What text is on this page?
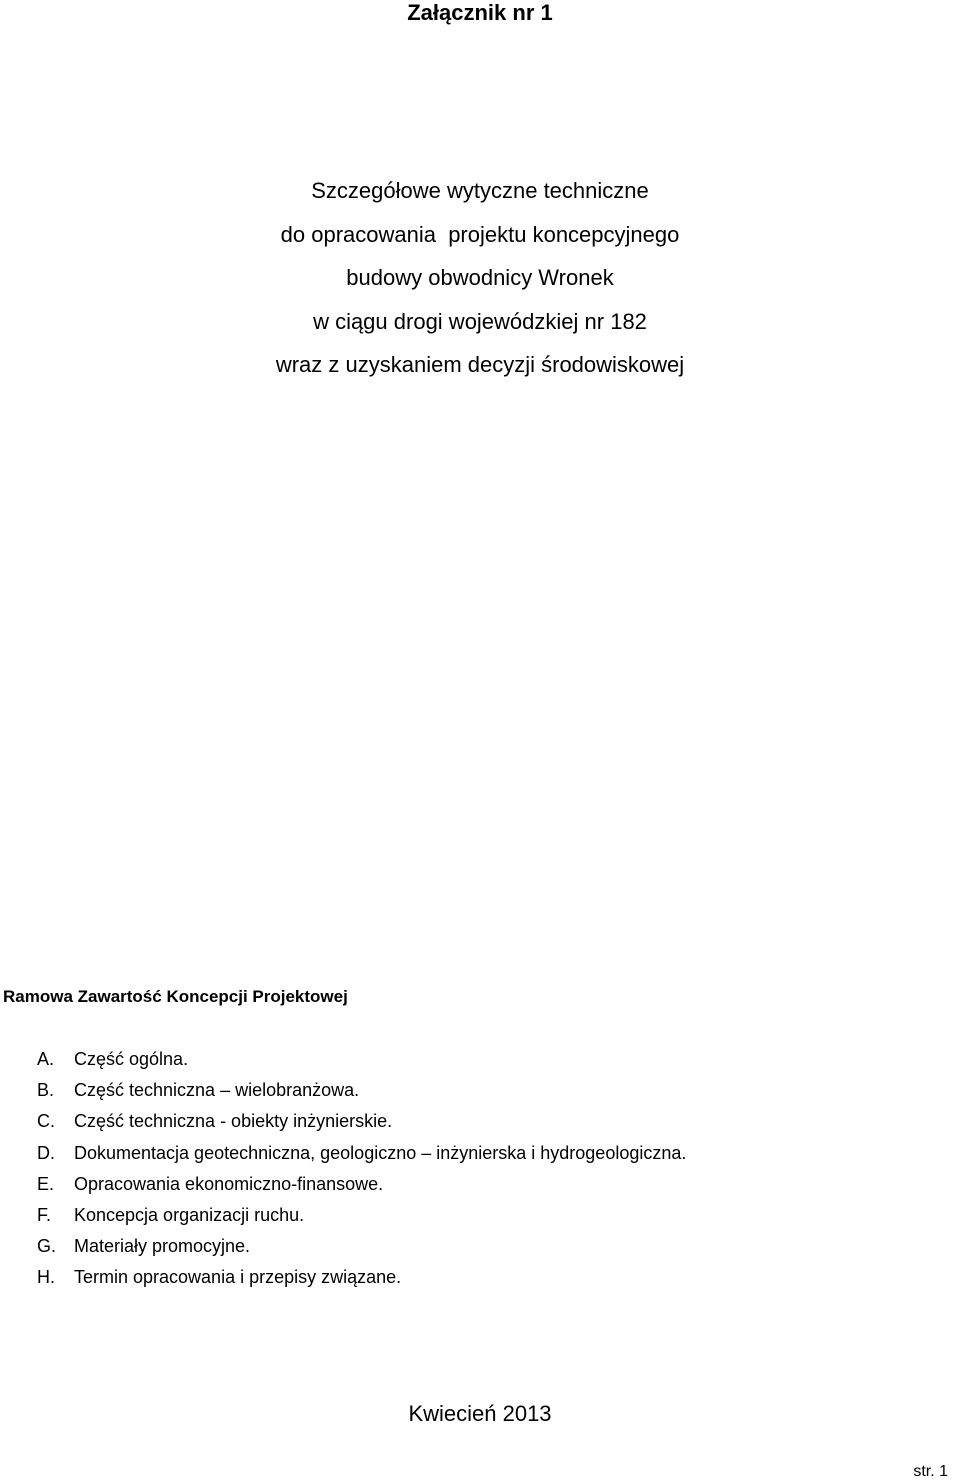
Załącznik nr 1
Szczegółowe wytyczne techniczne
do opracowania  projektu koncepcyjnego
budowy obwodnicy Wronek
w ciągu drogi wojewódzkiej nr 182
wraz z uzyskaniem decyzji środowiskowej
Ramowa Zawartość Koncepcji Projektowej
A. Część ogólna.
B. Część techniczna – wielobranżowa.
C. Część techniczna - obiekty inżynierskie.
D. Dokumentacja geotechniczna, geologiczno – inżynierska i hydrogeologiczna.
E. Opracowania ekonomiczno-finansowe.
F. Koncepcja organizacji ruchu.
G. Materiały promocyjne.
H. Termin opracowania i przepisy związane.
Kwiecień 2013
str. 1
